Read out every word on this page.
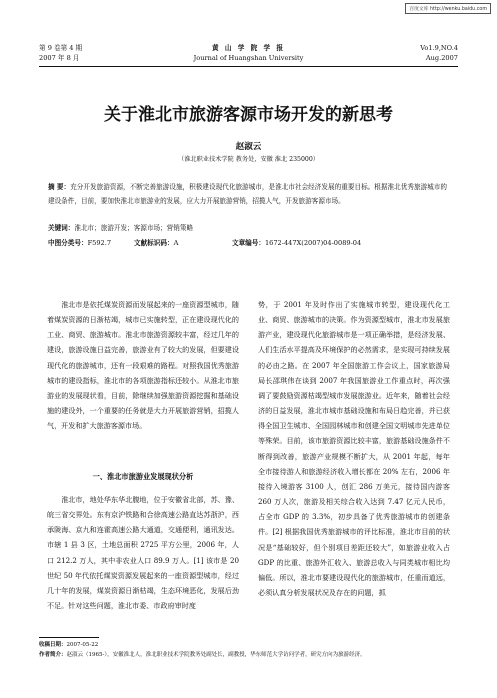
百度文库 http://wenku.baidu.com
第 9 卷第 4 期
2007 年 8 月
黄 山 学 院 学 报
Journal of Huangshan University
Vo1.9,NO.4
Aug.2007
关于淮北市旅游客源市场开发的新思考
赵淑云
（淮北职业技术学院 教务处，安徽 淮北 235000）
摘 要：充分开发旅游资源，不断完善旅游设施，积极建设现代化旅游城市，是淮北市社会经济发展的重要目标。根据淮北优秀旅游城市的建设条件，目前，要加快淮北市旅游业的发展，应大力开展旅游营销，招揽人气，开发旅游客源市场。
关键词：淮北市；旅游开发；客源市场；营销策略
中图分类号：F592.7	文献标识码：A	文章编号：1672-447X(2007)04-0089-04

淮北市是依托煤炭资源而发展起来的一座资源型城市，随着煤炭资源的日渐枯竭，城市已实施转型，正在建设现代化的工业、商贸、旅游城市。淮北市旅游资源较丰富，经过几年的建设，旅游设施日益完善，旅游业有了较大的发展，但要建设现代化的旅游城市，还有一段艰难的路程。对照我国优秀旅游城市的建设指标，淮北市的各项旅游指标还较小。从淮北市旅游业的发展现状看，目前，除继续加强旅游资源挖掘和基础设施的建设外，一个重要的任务就是大力开展旅游营销，招揽人气，开发和扩大旅游客源市场。

一、淮北市旅游业发展现状分析

淮北市，地处华东华北腹地，位于安徽省北部，苏、豫、皖三省交界处。东有京沪铁路和合徐高速公路直达苏浙沪，西承陇海、京九和连霍高速公路大通道，交通便利，通讯发达。市辖 1 县 3 区，土地总面积 2725 平方公里，2006 年，人口 212.2 万人，其中非农业人口 89.9 万人。[1] 该市是 20 世纪 50 年代依托煤炭资源发展起来的一座资源型城市，经过几十年的发展，煤炭资源日渐枯竭，生态环境恶化，发展后劲不足。针对这些问题，淮北市委、市政府审时度

势，于 2001 年及时作出了实施城市转型，建设现代化工业、商贸、旅游城市的决策。作为资源型城市，淮北市发展旅游产业，建设现代化旅游城市是一项正确举措，是经济发展、人们生活水平提高及环境保护的必然需求，是实现可持续发展的必由之路。在 2007 年全国旅游工作会议上，国家旅游局局长邵琪伟在谈到 2007 年我国旅游业工作重点时，再次强调了要鼓励资源枯竭型城市发展旅游业。近年来，随着社会经济的日益发展，淮北市城市基础设施和布局日趋完善，并已获得全国卫生城市、全国园林城市和创建全国文明城市先进单位等殊荣。目前，该市旅游资源比较丰富，旅游基础设施条件不断得到改善，旅游产业规模不断扩大，从 2001 年起，每年全市接待游人和旅游经济收入增长都在 20% 左右，2006 年接待入境游客 3100 人，创汇 286 万美元，接待国内游客 260 万人次，旅游及相关综合收入达到 7.47 亿元人民币，占全市 GDP 的 3.3%，初步具备了优秀旅游城市的创建条件。[2] 根据我国优秀旅游城市的评比标准，淮北市目前的状况是“基础较好，但个别项目差距还较大”，如旅游业收入占 GDP 的比重、旅游外汇收入、旅游总收入与同类城市相比均偏低。所以，淮北市要建设现代化的旅游城市，任重而道远，必须认真分析发展状况及存在的问题，抓

收稿日期：2007-05-22
作者简介：赵淑云（1965-），安徽淮北人，淮北职业技术学院教务处副处长，副教授，华东师范大学访问学者，研究方向为旅游经济。
